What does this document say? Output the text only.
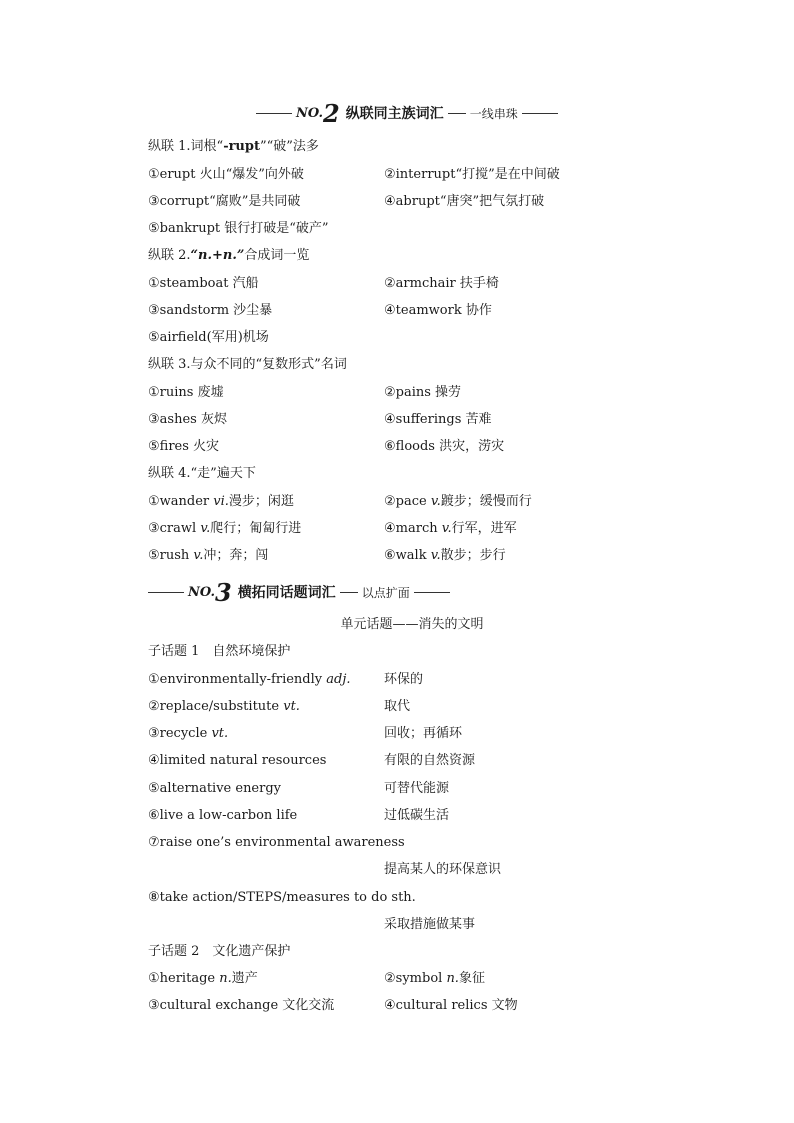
NO. 2 纵联同主族词汇 一线串珠
纵联 1.词根“-rupt”“破”法多
①erupt 火山“爆发”向外破	②interrupt“打搅”是在中间破
③corrupt“腐败”是共同破	④abrupt“唐突”把气氛打破
⑤bankrupt 银行打破是“破产”
纵联 2.“n.+n.”合成词一览
①steamboat 汽船	②armchair 扶手椅
③sandstorm 沙尘暴	④teamwork 协作
⑤airfield(军用)机场
纵联 3.与众不同的“复数形式”名词
①ruins 废墟	②pains 操劳
③ashes 灰烬	④sufferings 苦难
⑤fires 火灾	⑥floods 洪灾，涝灾
纵联 4.“走”遍天下
①wander vi.漫步；闲逛	②pace v.踱步；缓慢而行
③crawl v.爬行；匍匐行进	④march v.行军，进军
⑤rush v.冲；奔；闯	⑥walk v.散步；步行
NO. 3 横拓同话题词汇 以点扩面
单元话题——消失的文明
子话题 1　自然环境保护
①environmentally-friendly adj.	环保的
②replace/substitute vt.	取代
③recycle vt.	回收；再循环
④limited natural resources	有限的自然资源
⑤alternative energy	可替代能源
⑥live a low-carbon life	过低碳生活
⑦raise one’s environmental awareness
提高某人的环保意识
⑧take action/STEPS/measures to do sth.
采取措施做某事
子话题 2　文化遗产保护
①heritage n.遗产	②symbol n.象征
③cultural exchange 文化交流	④cultural relics 文物
